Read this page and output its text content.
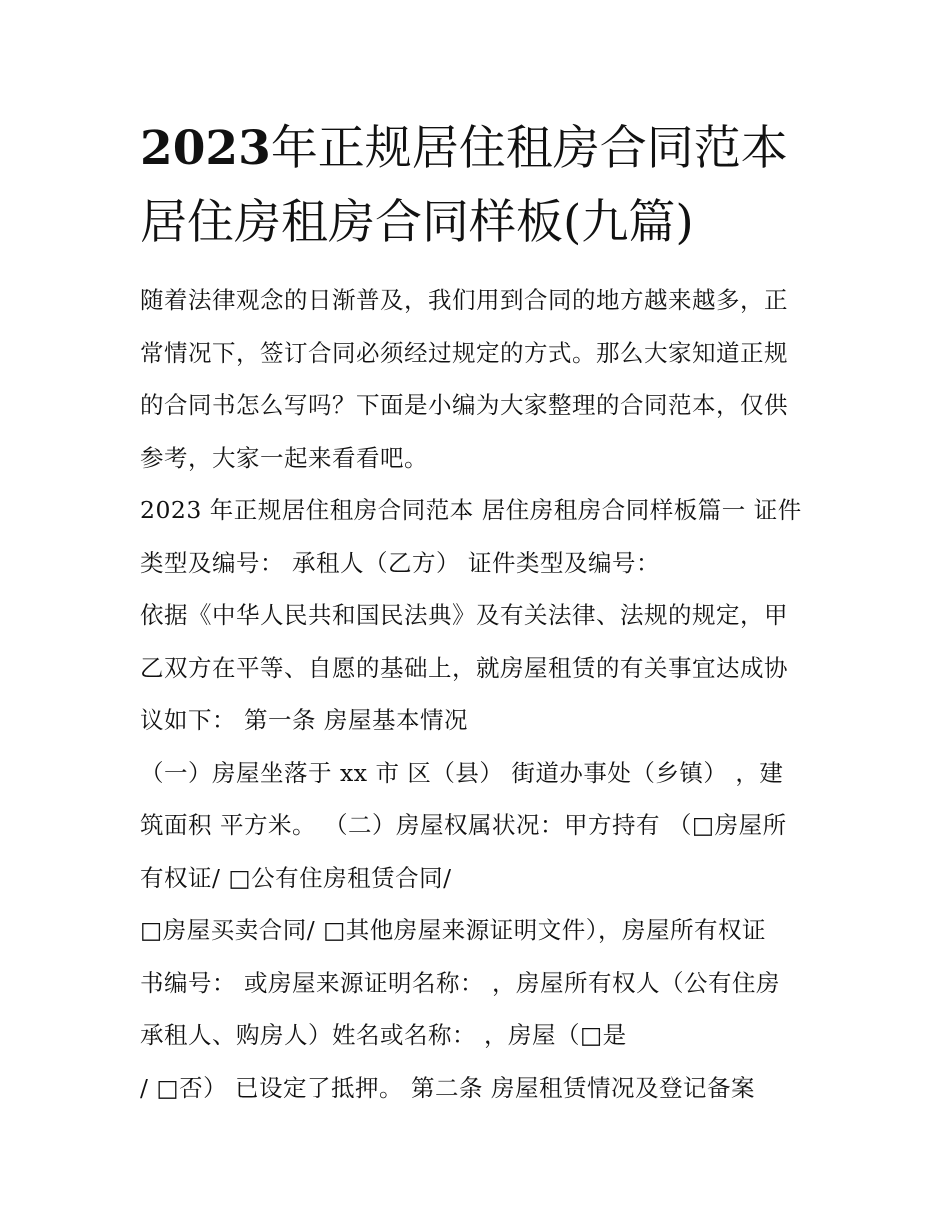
2023年正规居住租房合同范本
居住房租房合同样板(九篇)
随着法律观念的日渐普及，我们用到合同的地方越来越多，正
常情况下，签订合同必须经过规定的方式。那么大家知道正规
的合同书怎么写吗？下面是小编为大家整理的合同范本，仅供
参考，大家一起来看看吧。
2023 年正规居住租房合同范本 居住房租房合同样板篇一 证件
类型及编号： 承租人（乙方） 证件类型及编号：
依据《中华人民共和国民法典》及有关法律、法规的规定，甲
乙双方在平等、自愿的基础上，就房屋租赁的有关事宜达成协
议如下： 第一条 房屋基本情况
（一）房屋坐落于 xx 市 区（县） 街道办事处（乡镇） ，建
筑面积 平方米。 （二）房屋权属状况：甲方持有 （□房屋所
有权证/ □公有住房租赁合同/
□房屋买卖合同/ □其他房屋来源证明文件），房屋所有权证
书编号： 或房屋来源证明名称： ，房屋所有权人（公有住房
承租人、购房人）姓名或名称： ，房屋（□是
/ □否） 已设定了抵押。 第二条 房屋租赁情况及登记备案
